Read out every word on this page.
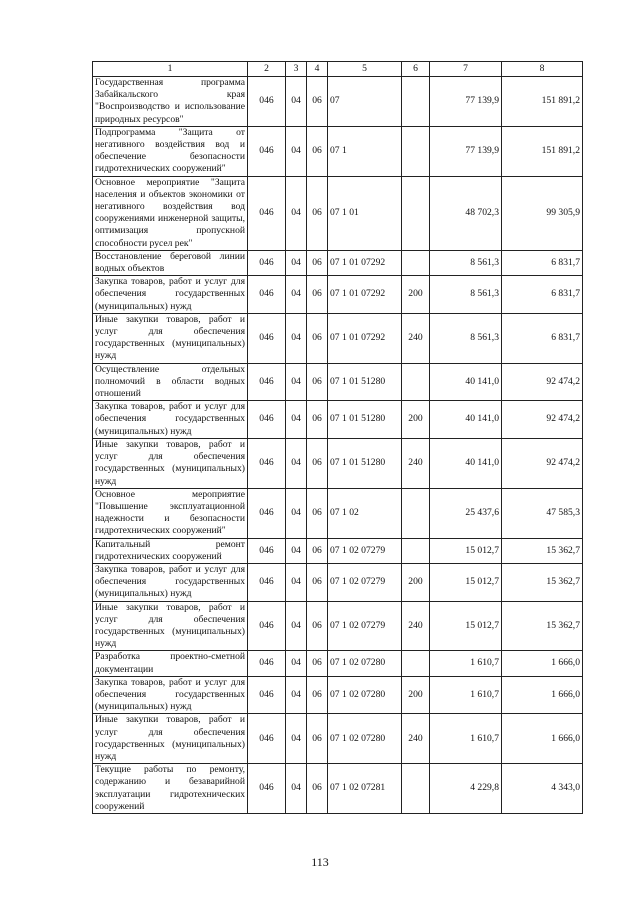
1	2	3	4	5	6	7	8
Государственная программа Забайкальского края "Воспроизводство и использование природных ресурсов"	046	04	06	07		77 139,9	151 891,2
Подпрограмма "Защита от негативного воздействия вод и обеспечение безопасности гидротехнических сооружений"	046	04	06	07 1		77 139,9	151 891,2
Основное мероприятие "Защита населения и объектов экономики от негативного воздействия вод сооружениями инженерной защиты, оптимизация пропускной способности русел рек"	046	04	06	07 1 01		48 702,3	99 305,9
Восстановление береговой линии водных объектов	046	04	06	07 1 01 07292		8 561,3	6 831,7
Закупка товаров, работ и услуг для обеспечения государственных (муниципальных) нужд	046	04	06	07 1 01 07292	200	8 561,3	6 831,7
Иные закупки товаров, работ и услуг для обеспечения государственных (муниципальных) нужд	046	04	06	07 1 01 07292	240	8 561,3	6 831,7
Осуществление отдельных полномочий в области водных отношений	046	04	06	07 1 01 51280		40 141,0	92 474,2
Закупка товаров, работ и услуг для обеспечения государственных (муниципальных) нужд	046	04	06	07 1 01 51280	200	40 141,0	92 474,2
Иные закупки товаров, работ и услуг для обеспечения государственных (муниципальных) нужд	046	04	06	07 1 01 51280	240	40 141,0	92 474,2
Основное мероприятие "Повышение эксплуатационной надежности и безопасности гидротехнических сооружений"	046	04	06	07 1 02		25 437,6	47 585,3
Капитальный ремонт гидротехнических сооружений	046	04	06	07 1 02 07279		15 012,7	15 362,7
Закупка товаров, работ и услуг для обеспечения государственных (муниципальных) нужд	046	04	06	07 1 02 07279	200	15 012,7	15 362,7
Иные закупки товаров, работ и услуг для обеспечения государственных (муниципальных) нужд	046	04	06	07 1 02 07279	240	15 012,7	15 362,7
Разработка проектно-сметной документации	046	04	06	07 1 02 07280		1 610,7	1 666,0
Закупка товаров, работ и услуг для обеспечения государственных (муниципальных) нужд	046	04	06	07 1 02 07280	200	1 610,7	1 666,0
Иные закупки товаров, работ и услуг для обеспечения государственных (муниципальных) нужд	046	04	06	07 1 02 07280	240	1 610,7	1 666,0
Текущие работы по ремонту, содержанию и безаварийной эксплуатации гидротехнических сооружений	046	04	06	07 1 02 07281		4 229,8	4 343,0
113
